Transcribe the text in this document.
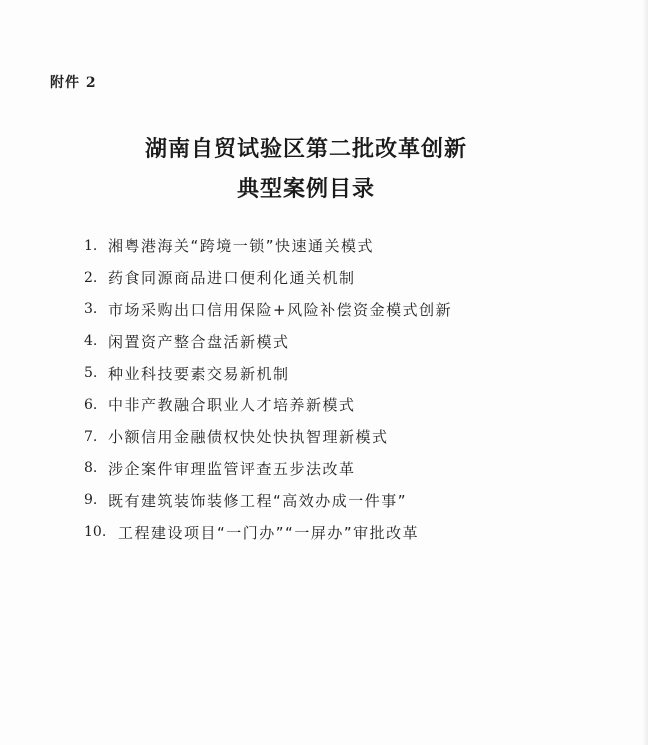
附件 2
湖南自贸试验区第二批改革创新
典型案例目录
1. 湘粤港海关“跨境一锁”快速通关模式
2. 药食同源商品进口便利化通关机制
3. 市场采购出口信用保险+风险补偿资金模式创新
4. 闲置资产整合盘活新模式
5. 种业科技要素交易新机制
6. 中非产教融合职业人才培养新模式
7. 小额信用金融债权快处快执智理新模式
8. 涉企案件审理监管评查五步法改革
9. 既有建筑装饰装修工程“高效办成一件事”
10. 工程建设项目“一门办”“一屏办”审批改革
